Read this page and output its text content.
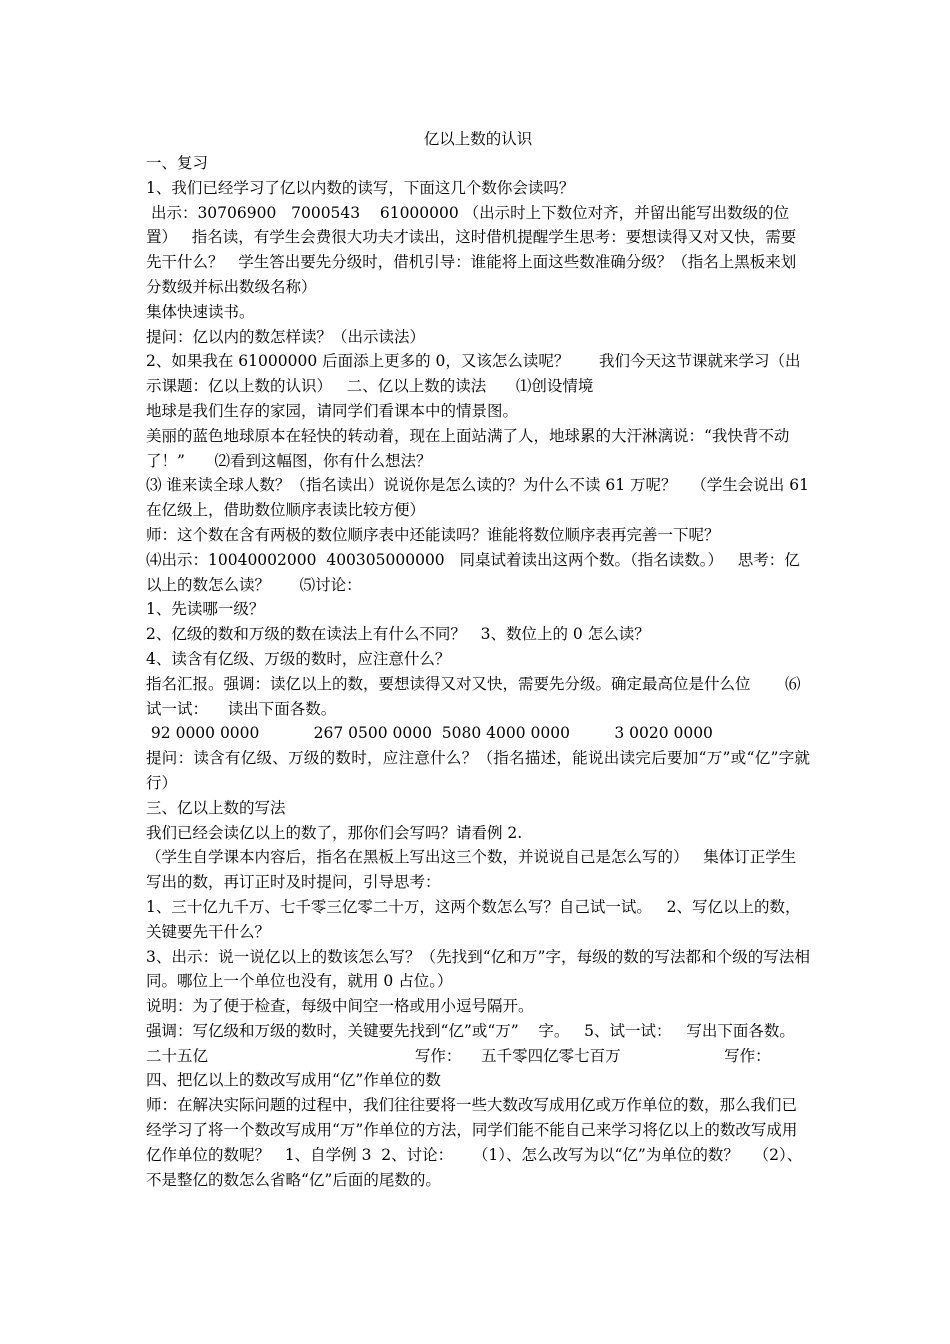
亿以上数的认识

一、复习

1、我们已经学习了亿以内数的读写，下面这几个数你会读吗？

出示：30706900   7000543    61000000 （出示时上下数位对齐，并留出能写出数级的位置）   指名读，有学生会费很大功夫才读出，这时借机提醒学生思考：要想读得又对又快，需要先干什么？   学生答出要先分级时，借机引导：谁能将上面这些数准确分级？（指名上黑板来划分数级并标出数级名称）

集体快速读书。

提问：亿以内的数怎样读？（出示读法）

2、如果我在 61000000 后面添上更多的 0，又该怎么读呢？      我们今天这节课就来学习（出示课题：亿以上数的认识）   二、亿以上数的读法      ⑴创设情境

地球是我们生存的家园，请同学们看课本中的情景图。

美丽的蓝色地球原本在轻快的转动着，现在上面站满了人，地球累的大汗淋漓说：“我快背不动了！”      ⑵看到这幅图，你有什么想法？

⑶ 谁来读全球人数？（指名读出）说说你是怎么读的？为什么不读 61 万呢？   （学生会说出 61 在亿级上，借助数位顺序表读比较方便）

师：这个数在含有两极的数位顺序表中还能读吗？谁能将数位顺序表再完善一下呢？

⑷出示：10040002000  400305000000   同桌试着读出这两个数。（指名读数。）   思考：亿以上的数怎么读？      ⑸讨论：

1、先读哪一级？

2、亿级的数和万级的数在读法上有什么不同？   3、数位上的 0 怎么读？

4、读含有亿级、万级的数时，应注意什么？

指名汇报。强调：读亿以上的数，要想读得又对又快，需要先分级。确定最高位是什么位       ⑹试一试：    读出下面各数。

92 0000 0000           267 0500 0000  5080 4000 0000         3 0020 0000

提问：读含有亿级、万级的数时，应注意什么？（指名描述，能说出读完后要加“万”或“亿”字就行）

三、亿以上数的写法

我们已经会读亿以上的数了，那你们会写吗？请看例 2.

（学生自学课本内容后，指名在黑板上写出这三个数，并说说自己是怎么写的）   集体订正学生写出的数，再订正时及时提问，引导思考：

1、三十亿九千万、七千零三亿零二十万，这两个数怎么写？自己试一试。   2、写亿以上的数，关键要先干什么？

3、出示：说一说亿以上的数该怎么写？（先找到“亿和万”字，每级的数的写法都和个级的写法相同。哪位上一个单位也没有，就用 0 占位。）

说明：为了便于检查，每级中间空一格或用小逗号隔开。

强调：写亿级和万级的数时，关键要先找到“亿”或“万”    字。   5、试一试：   写出下面各数。二十五亿                                          写作：    五千零四亿零七百万                     写作：

四、把亿以上的数改写成用“亿”作单位的数

师：在解决实际问题的过程中，我们往往要将一些大数改写成用亿或万作单位的数，那么我们已经学习了将一个数改写成用“万”作单位的方法，同学们能不能自己来学习将亿以上的数改写成用亿作单位的数呢？   1、自学例 3  2、讨论：    （1）、怎么改写为以“亿”为单位的数？   （2）、不是整亿的数怎么省略“亿”后面的尾数的。
